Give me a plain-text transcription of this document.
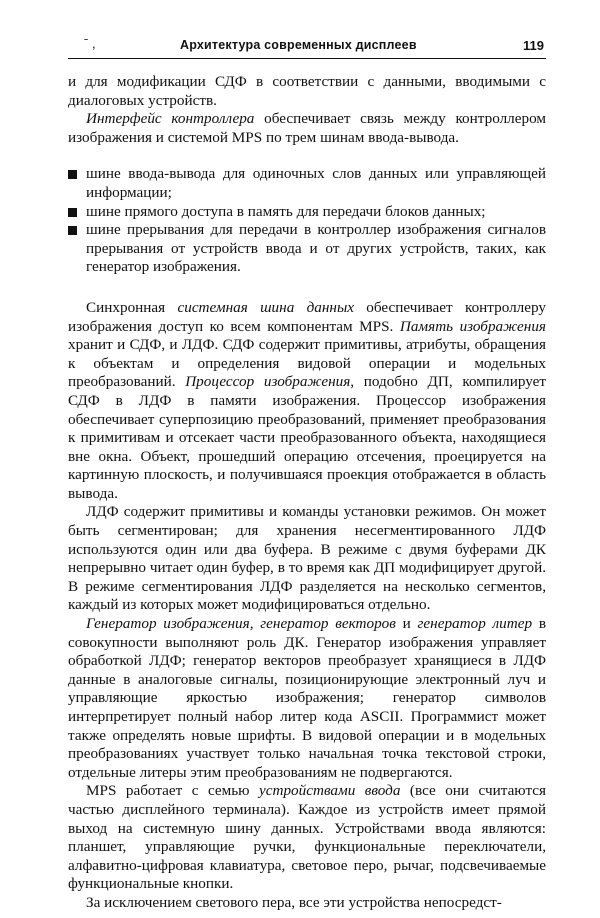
ˉ ,	Архитектура современных дисплеев	119

и для модификации СДФ в соответствии с данными, вводимыми с диалоговых устройств.

Интерфейс контроллера обеспечивает связь между контроллером изображения и системой MPS по трем шинам ввода-вывода.

шине ввода-вывода для одиночных слов данных или управляющей информации;
шине прямого доступа в память для передачи блоков данных;
шине прерывания для передачи в контроллер изображения сигналов прерывания от устройств ввода и от других устройств, таких, как генератор изображения.

Синхронная системная шина данных обеспечивает контроллеру изображения доступ ко всем компонентам MPS. Память изображения хранит и СДФ, и ЛДФ. СДФ содержит примитивы, атрибуты, обращения к объектам и определения видовой операции и модельных преобразований. Процессор изображения, подобно ДП, компилирует СДФ в ЛДФ в памяти изображения. Процессор изображения обеспечивает суперпозицию преобразований, применяет преобразования к примитивам и отсекает части преобразованного объекта, находящиеся вне окна. Объект, прошедший операцию отсечения, проецируется на картинную плоскость, и получившаяся проекция отображается в область вывода.

ЛДФ содержит примитивы и команды установки режимов. Он может быть сегментирован; для хранения несегментированного ЛДФ используются один или два буфера. В режиме с двумя буферами ДК непрерывно читает один буфер, в то время как ДП модифицирует другой. В режиме сегментирования ЛДФ разделяется на несколько сегментов, каждый из которых может модифицироваться отдельно.

Генератор изображения, генератор векторов и генератор литер в совокупности выполняют роль ДК. Генератор изображения управляет обработкой ЛДФ; генератор векторов преобразует хранящиеся в ЛДФ данные в аналоговые сигналы, позиционирующие электронный луч и управляющие яркостью изображения; генератор символов интерпретирует полный набор литер кода ASCII. Программист может также определять новые шрифты. В видовой операции и в модельных преобразованиях участвует только начальная точка текстовой строки, отдельные литеры этим преобразованиям не подвергаются.

MPS работает с семью устройствами ввода (все они считаются частью дисплейного терминала). Каждое из устройств имеет прямой выход на системную шину данных. Устройствами ввода являются: планшет, управляющие ручки, функциональные переключатели, алфавитно-цифровая клавиатура, световое перо, рычаг, подсвечиваемые функциональные кнопки.

За исключением светового пера, все эти устройства непосредст-
